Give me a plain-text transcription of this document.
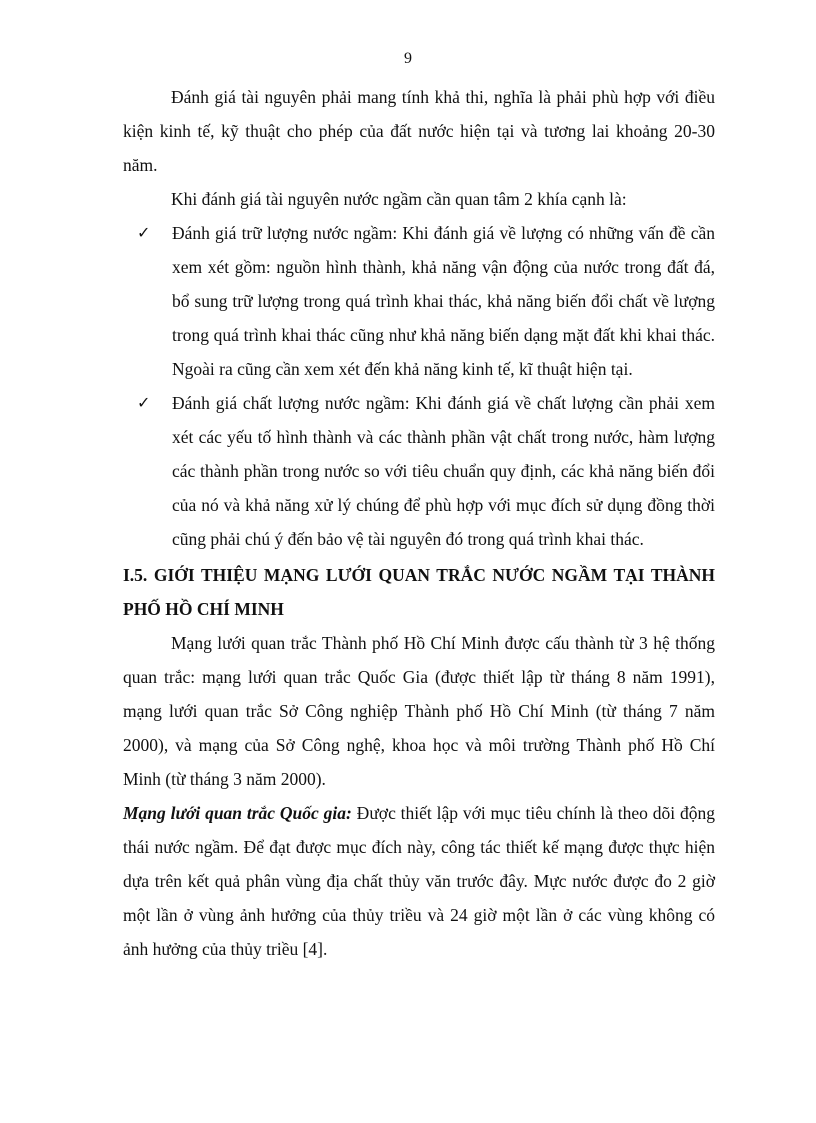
9

Đánh giá tài nguyên phải mang tính khả thi, nghĩa là phải phù hợp với điều kiện kinh tế, kỹ thuật cho phép của đất nước hiện tại và tương lai khoảng 20-30 năm.

Khi đánh giá tài nguyên nước ngầm cần quan tâm 2 khía cạnh là:

✓ Đánh giá trữ lượng nước ngầm: Khi đánh giá về lượng có những vấn đề cần xem xét gồm: nguồn hình thành, khả năng vận động của nước trong đất đá, bổ sung trữ lượng trong quá trình khai thác, khả năng biến đổi chất về lượng trong quá trình khai thác cũng như khả năng biến dạng mặt đất khi khai thác. Ngoài ra cũng cần xem xét đến khả năng kinh tế, kĩ thuật hiện tại.
✓ Đánh giá chất lượng nước ngầm: Khi đánh giá về chất lượng cần phải xem xét các yếu tố hình thành và các thành phần vật chất trong nước, hàm lượng các thành phần trong nước so với tiêu chuẩn quy định, các khả năng biến đổi của nó và khả năng xử lý chúng để phù hợp với mục đích sử dụng đồng thời cũng phải chú ý đến bảo vệ tài nguyên đó trong quá trình khai thác.
I.5. GIỚI THIỆU MẠNG LƯỚI QUAN TRẮC NƯỚC NGẦM TẠI THÀNH PHỐ HỒ CHÍ MINH

Mạng lưới quan trắc Thành phố Hồ Chí Minh được cấu thành từ 3 hệ thống quan trắc: mạng lưới quan trắc Quốc Gia (được thiết lập từ tháng 8 năm 1991), mạng lưới quan trắc Sở Công nghiệp Thành phố Hồ Chí Minh (từ tháng 7 năm 2000), và mạng của Sở Công nghệ, khoa học và môi trường Thành phố Hồ Chí Minh (từ tháng 3 năm 2000).

Mạng lưới quan trắc Quốc gia: Được thiết lập với mục tiêu chính là theo dõi động thái nước ngầm. Để đạt được mục đích này, công tác thiết kế mạng được thực hiện dựa trên kết quả phân vùng địa chất thủy văn trước đây. Mực nước được đo 2 giờ một lần ở vùng ảnh hưởng của thủy triều và 24 giờ một lần ở các vùng không có ảnh hưởng của thủy triều [4].
